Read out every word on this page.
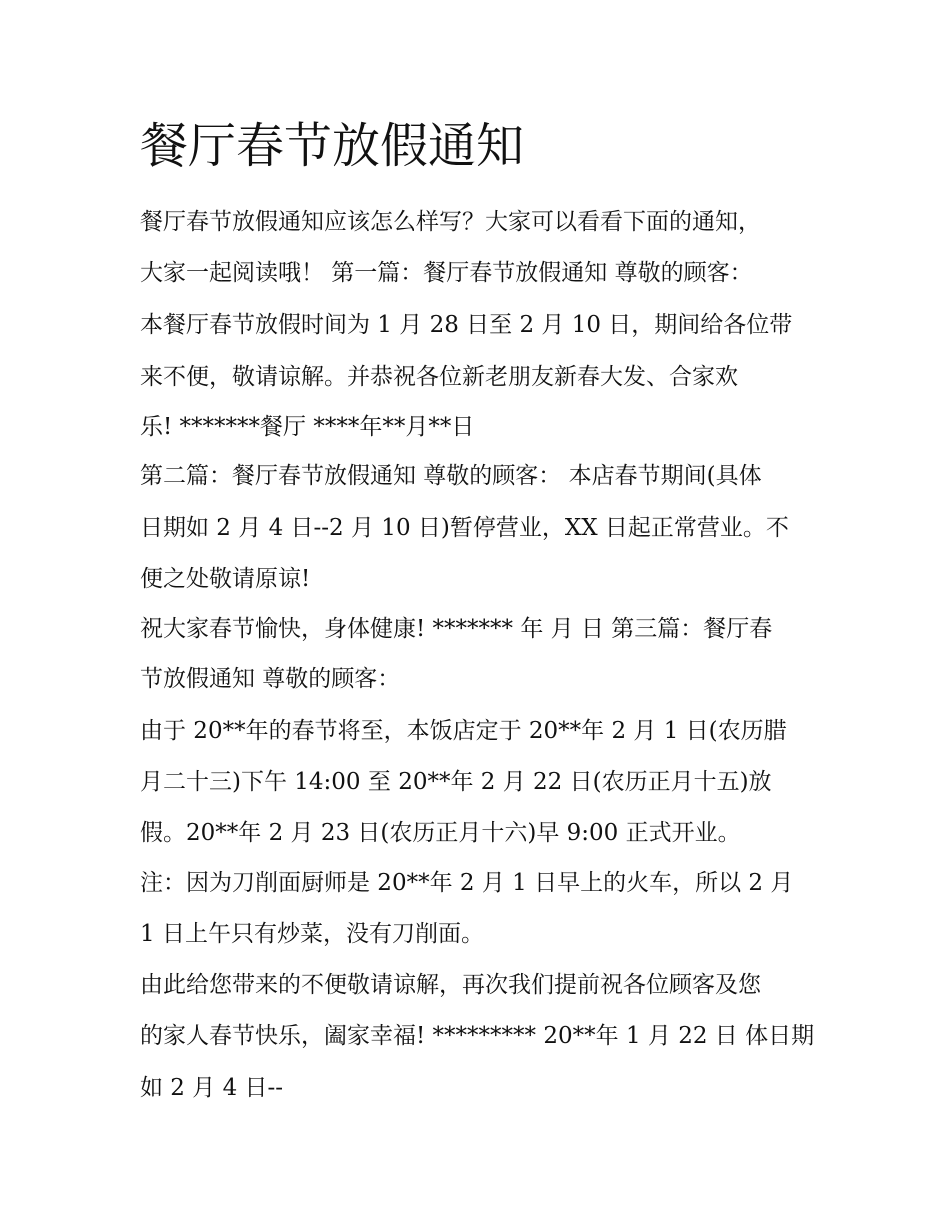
餐厅春节放假通知

餐厅春节放假通知应该怎么样写？大家可以看看下面的通知，

大家一起阅读哦！ 第一篇：餐厅春节放假通知 尊敬的顾客：

本餐厅春节放假时间为 1 月 28 日至 2 月 10 日，期间给各位带

来不便，敬请谅解。并恭祝各位新老朋友新春大发、合家欢

乐! *******餐厅 ****年**月**日

第二篇：餐厅春节放假通知 尊敬的顾客： 本店春节期间(具体

日期如 2 月 4 日--2 月 10 日)暂停营业，XX 日起正常营业。不

便之处敬请原谅!

祝大家春节愉快，身体健康! ******* 年 月 日 第三篇：餐厅春

节放假通知 尊敬的顾客：

由于 20**年的春节将至，本饭店定于 20**年 2 月 1 日(农历腊

月二十三)下午 14:00 至 20**年 2 月 22 日(农历正月十五)放

假。20**年 2 月 23 日(农历正月十六)早 9:00 正式开业。

注：因为刀削面厨师是 20**年 2 月 1 日早上的火车，所以 2 月

1 日上午只有炒菜，没有刀削面。

由此给您带来的不便敬请谅解，再次我们提前祝各位顾客及您

的家人春节快乐，阖家幸福! ********* 20**年 1 月 22 日 体日期

如 2 月 4 日--
